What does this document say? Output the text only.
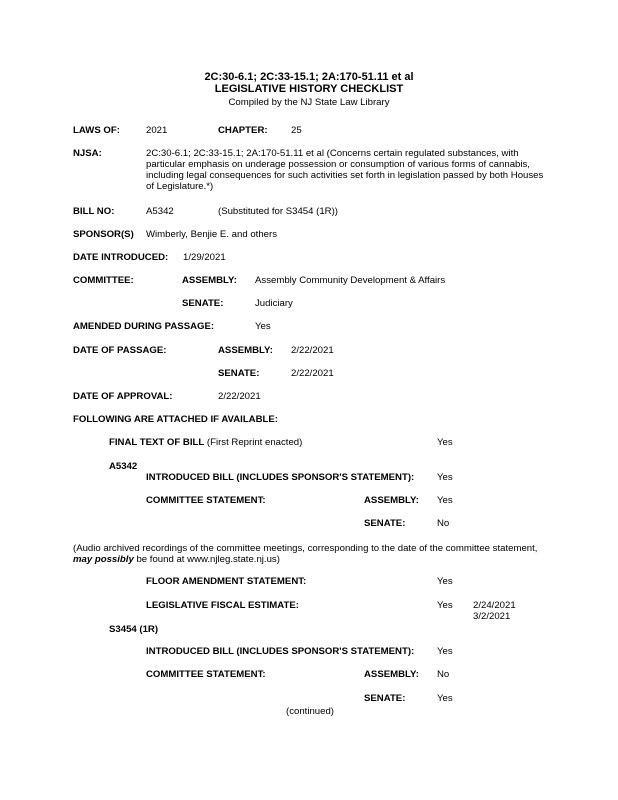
2C:30-6.1; 2C:33-15.1; 2A:170-51.11 et al
LEGISLATIVE HISTORY CHECKLIST
Compiled by the NJ State Law Library
LAWS OF:	2021	CHAPTER: 25
NJSA:	2C:30-6.1; 2C:33-15.1; 2A:170-51.11 et al (Concerns certain regulated substances, with particular emphasis on underage possession or consumption of various forms of cannabis, including legal consequences for such activities set forth in legislation passed by both Houses of Legislature.*)
BILL NO:	A5342	(Substituted for S3454 (1R))
SPONSOR(S) Wimberly, Benjie E. and others
DATE INTRODUCED: 1/29/2021
COMMITTEE:	ASSEMBLY: Assembly Community Development & Affairs
SENATE:	Judiciary
AMENDED DURING PASSAGE:	Yes
DATE OF PASSAGE:	ASSEMBLY: 2/22/2021
SENATE:	2/22/2021
DATE OF APPROVAL:	2/22/2021
FOLLOWING ARE ATTACHED IF AVAILABLE:
FINAL TEXT OF BILL (First Reprint enacted)	Yes
A5342
INTRODUCED BILL (INCLUDES SPONSOR'S STATEMENT): Yes
COMMITTEE STATEMENT:	ASSEMBLY: Yes
SENATE:	No
(Audio archived recordings of the committee meetings, corresponding to the date of the committee statement, may possibly be found at www.njleg.state.nj.us)
FLOOR AMENDMENT STATEMENT:	Yes
LEGISLATIVE FISCAL ESTIMATE:	Yes 2/24/2021
3/2/2021
S3454 (1R)
INTRODUCED BILL (INCLUDES SPONSOR'S STATEMENT): Yes
COMMITTEE STATEMENT:	ASSEMBLY: No
SENATE:	Yes
(continued)
